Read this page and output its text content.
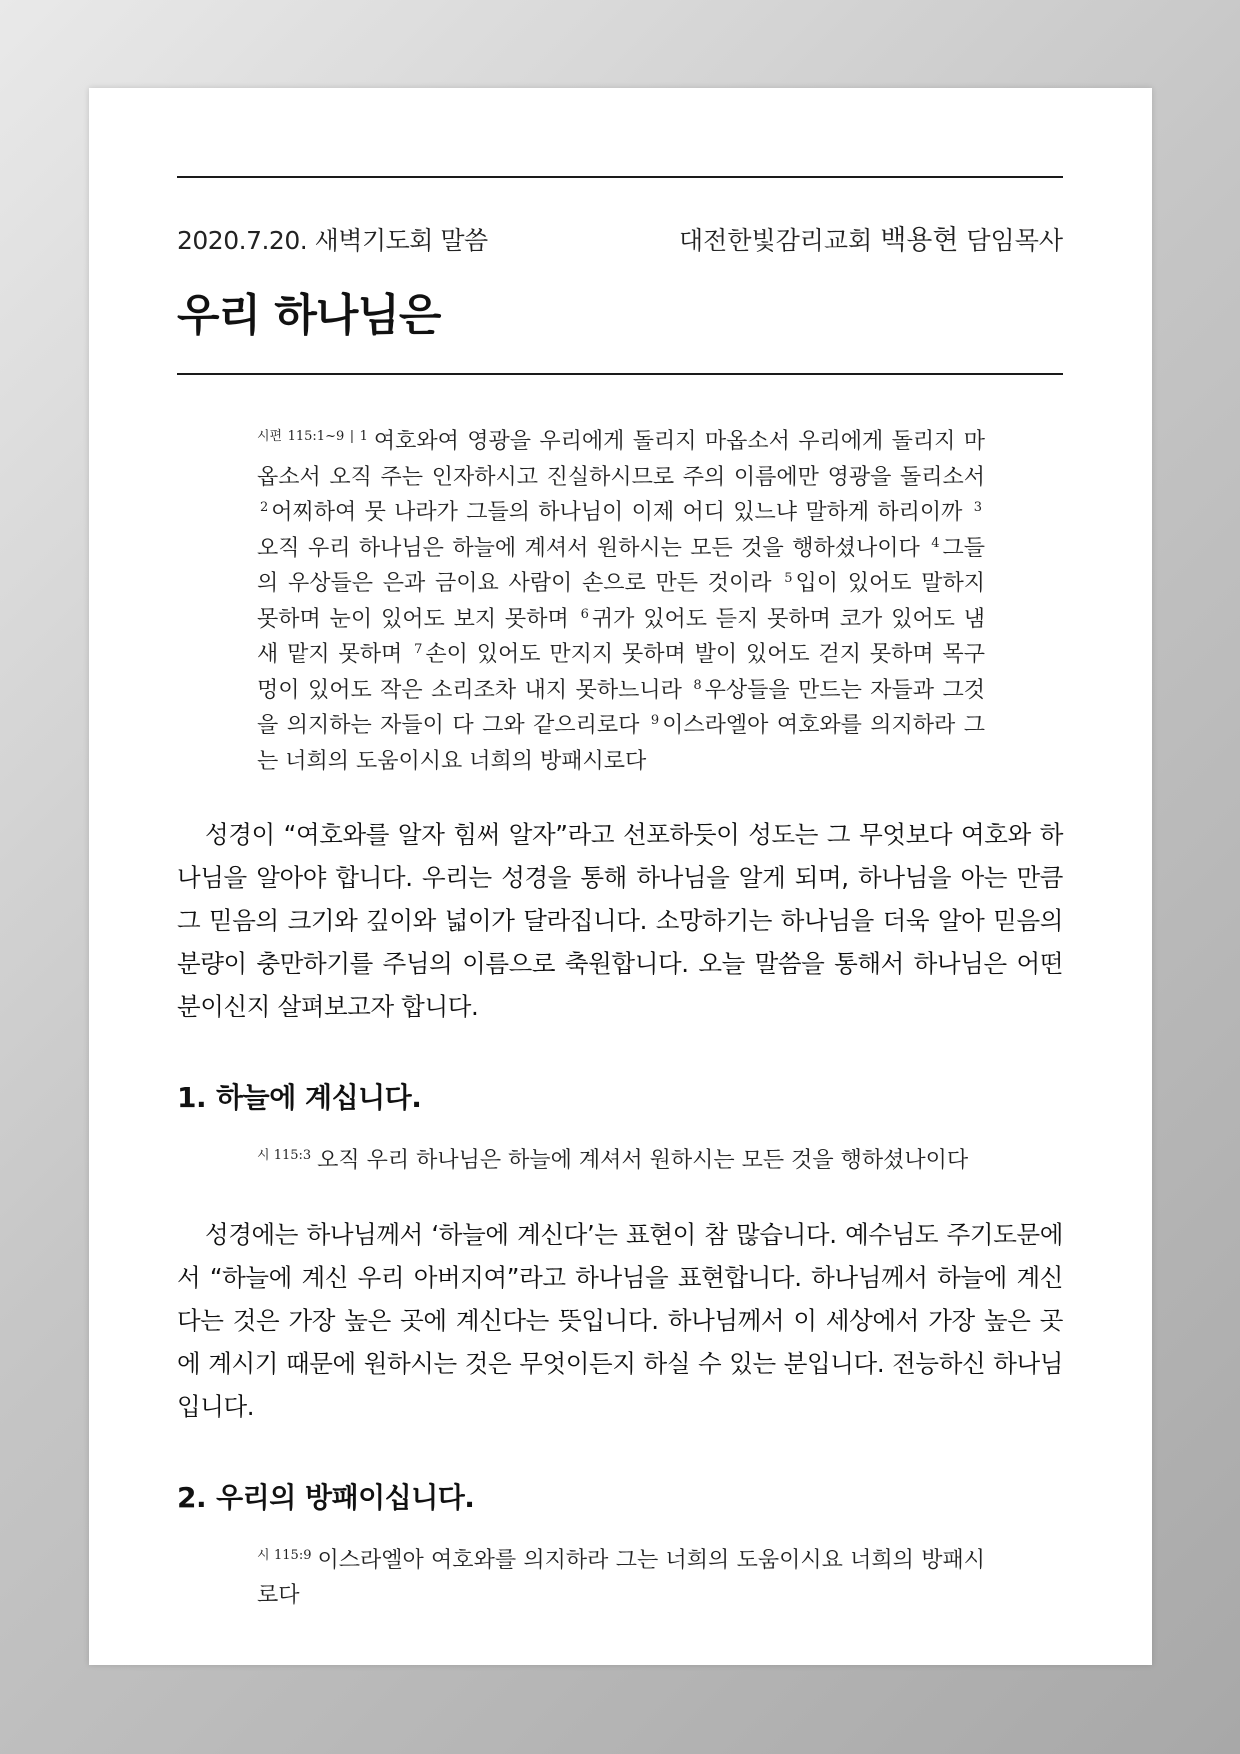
2020.7.20. 새벽기도회 말씀	대전한빛감리교회 백용현 담임목사
우리 하나님은
$^{시편 115:1\sim 9 | 1}$ 여호와여 영광을 우리에게 돌리지 마옵소서 우리에게 돌리지 마옵소서 오직 주는 인자하시고 진실하시므로 주의 이름에만 영광을 돌리소서 $^2$ 어찌하여 뭇 나라가 그들의 하나님이 이제 어디 있느냐 말하게 하리이까 $^3$오직 우리 하나님은 하늘에 계셔서 원하시는 모든 것을 행하셨나이다 $^4$ 그들의 우상들은 은과 금이요 사람이 손으로 만든 것이라 $^5$ 입이 있어도 말하지 못하며 눈이 있어도 보지 못하며 $^6$ 귀가 있어도 듣지 못하며 코가 있어도 냄새 맡지 못하며 $^7$ 손이 있어도 만지지 못하며 발이 있어도 걷지 못하며 목구멍이 있어도 작은 소리조차 내지 못하느니라 $^8$ 우상들을 만드는 자들과 그것을 의지하는 자들이 다 그와 같으리로다 $^9$ 이스라엘아 여호와를 의지하라 그는 너희의 도움이시요 너희의 방패시로다

성경이 “여호와를 알자 힘써 알자”라고 선포하듯이 성도는 그 무엇보다 여호와 하나님을 알아야 합니다. 우리는 성경을 통해 하나님을 알게 되며, 하나님을 아는 만큼 그 믿음의 크기와 깊이와 넓이가 달라집니다. 소망하기는 하나님을 더욱 알아 믿음의 분량이 충만하기를 주님의 이름으로 축원합니다. 오늘 말씀을 통해서 하나님은 어떤 분이신지 살펴보고자 합니다.

1. 하늘에 계십니다.
$^{시 115:3}$ 오직 우리 하나님은 하늘에 계셔서 원하시는 모든 것을 행하셨나이다

성경에는 하나님께서 ‘하늘에 계신다’는 표현이 참 많습니다. 예수님도 주기도문에서 “하늘에 계신 우리 아버지여”라고 하나님을 표현합니다. 하나님께서 하늘에 계신다는 것은 가장 높은 곳에 계신다는 뜻입니다. 하나님께서 이 세상에서 가장 높은 곳에 계시기 때문에 원하시는 것은 무엇이든지 하실 수 있는 분입니다. 전능하신 하나님입니다.

2. 우리의 방패이십니다.
$^{시 115:9}$ 이스라엘아 여호와를 의지하라 그는 너희의 도움이시요 너희의 방패시로다
